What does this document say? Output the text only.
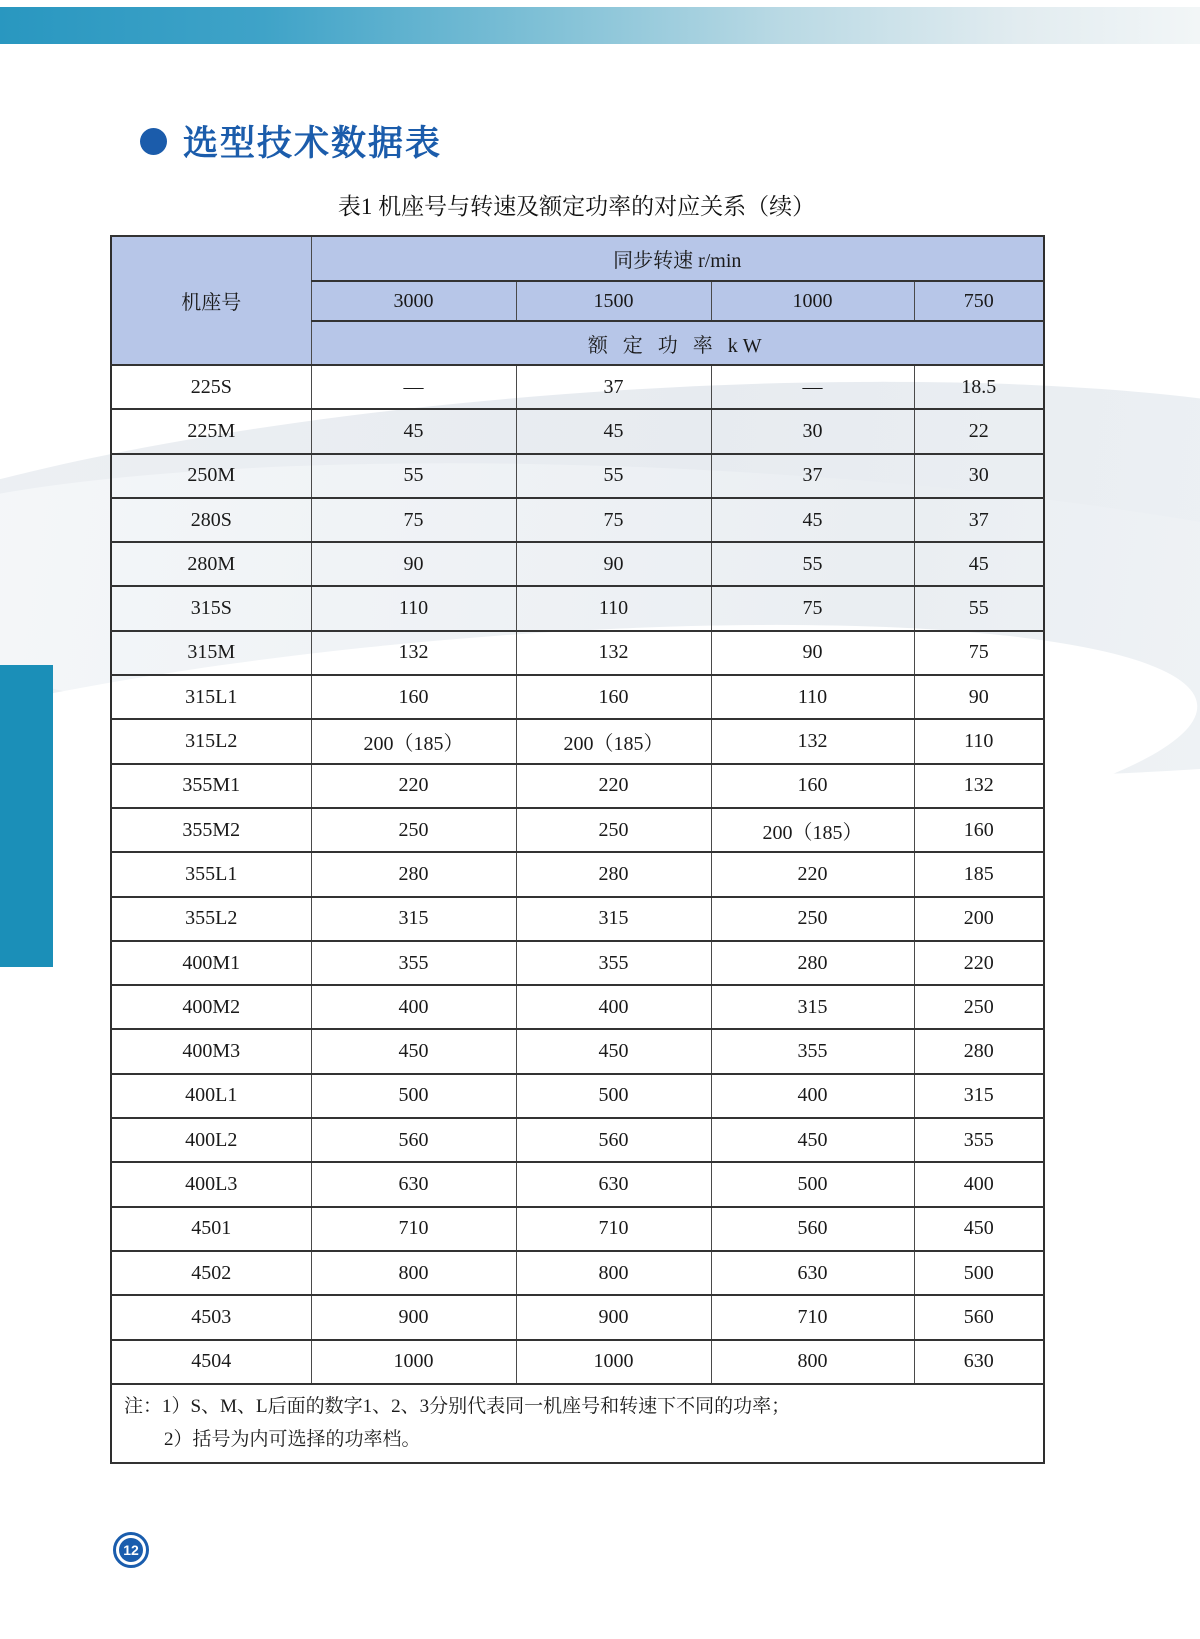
选型技术数据表
表1 机座号与转速及额定功率的对应关系（续）
机座号	同步转速 r/min			
	3000	1500	1000	750
	额 定 功 率 kW			
225S	—	37	—	18.5
225M	45	45	30	22
250M	55	55	37	30
280S	75	75	45	37
280M	90	90	55	45
315S	110	110	75	55
315M	132	132	90	75
315L1	160	160	110	90
315L2	200（185）	200（185）	132	110
355M1	220	220	160	132
355M2	250	250	200（185）	160
355L1	280	280	220	185
355L2	315	315	250	200
400M1	355	355	280	220
400M2	400	400	315	250
400M3	450	450	355	280
400L1	500	500	400	315
400L2	560	560	450	355
400L3	630	630	500	400
4501	710	710	560	450
4502	800	800	630	500
4503	900	900	710	560
4504	1000	1000	800	630

注：1）S、M、L后面的数字1、2、3分别代表同一机座号和转速下不同的功率；
2）括号为内可选择的功率档。				
12
